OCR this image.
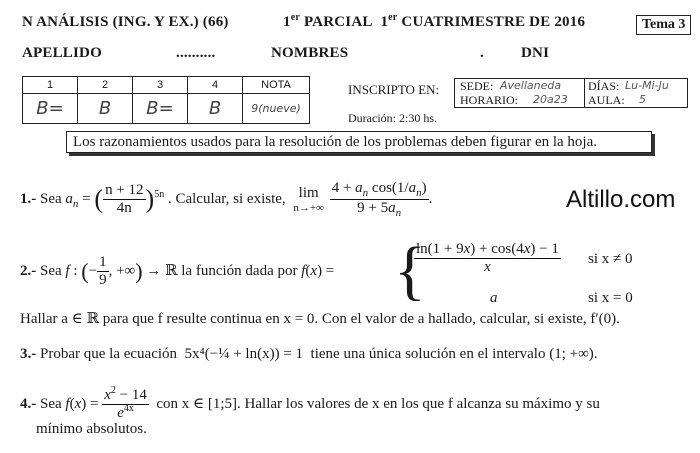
N ANÁLISIS (ING. Y EX.) (66)	1er PARCIAL 1er CUATRIMESTRE DE 2016	Tema 3
APELLIDO	..........	NOMBRES	. DNI
1	2	3	4	NOTA
B=	B	B=	B	9(nueve)
INSCRIPTO EN: SEDE: Avellaneda	DÍAS: Lu-Mi-Ju
HORARIO: 20a23	AULA: 5
Duración: 2:30 hs.
Los razonamientos usados para la resolución de los problemas deben figurar en la hoja.
Altillo.com
1.- Sea $a_n$ = ( $\frac{n + 12}{4n} )^{5n}$ . Calcular, si existe, lim
n→+∞
$\frac{4 + a_n \cos(1/a_n)}{9 + 5a_n}$ .
2.- Sea f : (− $\frac{1}{9}$ , +∞) → ℝ la función dada por f(x) = {
$\frac{\ln(1 + 9x) + \cos(4x) - 1}{x}$ si x ≠ 0
a	si x = 0
Hallar a ∈ ℝ para que f resulte continua en x = 0. Con el valor de a hallado, calcular, si existe, f′(0).
3.- Probar que la ecuación 5x⁴(−¼ + ln(x)) = 1 tiene una única solución en el intervalo (1; +∞).
4.- Sea $f(x) = \frac{x^2 - 14}{e^{4x}}$ con x ∈ [1;5]. Hallar los valores de x en los que f alcanza su máximo y su
mínimo absolutos.
